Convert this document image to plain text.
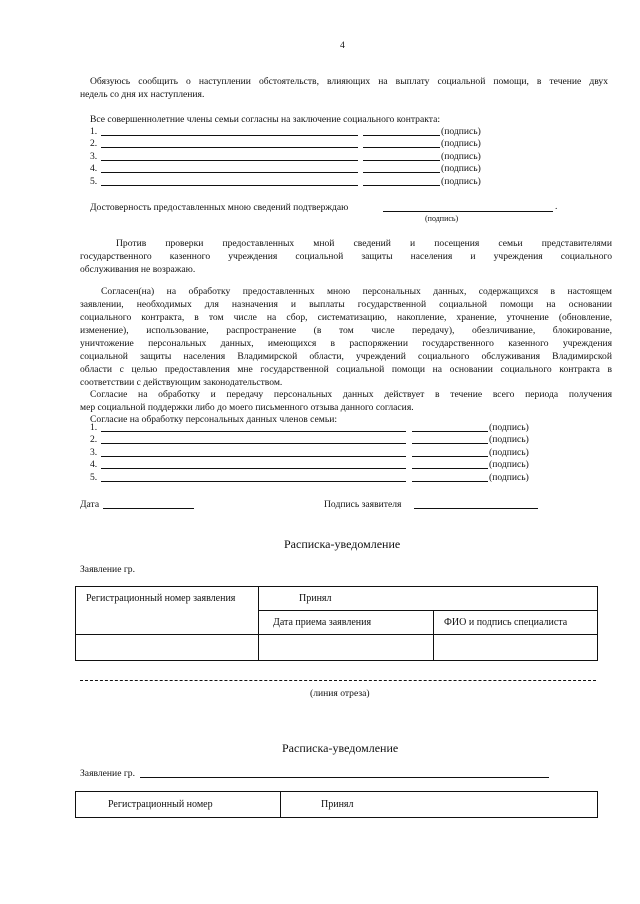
4
Обязуюсь сообщить о наступлении обстоятельств, влияющих на выплату социальной помощи, в течение двух
недель со дня их наступления.
Все совершеннолетние члены семьи согласны на заключение социального контракта:
1.	(подпись)
2.	(подпись)
3.	(подпись)
4.	(подпись)
5.	(подпись)
Достоверность предоставленных мною сведений подтверждаю	.
(подпись)
Против проверки предоставленных мной сведений и посещения семьи представителями
государственного казенного учреждения социальной защиты населения и учреждения социального
обслуживания не возражаю.
Согласен(на) на обработку предоставленных мною персональных данных, содержащихся в настоящем
заявлении, необходимых для назначения и выплаты государственной социальной помощи на основании
социального контракта, в том числе на сбор, систематизацию, накопление, хранение, уточнение (обновление,
изменение), использование, распространение (в том числе передачу), обезличивание, блокирование,
уничтожение персональных данных, имеющихся в распоряжении государственного казенного учреждения
социальной защиты населения Владимирской области, учреждений социального обслуживания Владимирской
области с целью предоставления мне государственной социальной помощи на основании социального контракта в
соответствии с действующим законодательством.
Согласие на обработку и передачу персональных данных действует в течение всего периода получения
мер социальной поддержки либо до моего письменного отзыва данного согласия.
Согласие на обработку персональных данных членов семьи:
1.	(подпись)
2.	(подпись)
3.	(подпись)
4.	(подпись)
5.	(подпись)
Дата	Подпись заявителя
Расписка-уведомление
Заявление гр.
Регистрационный номер заявления	Принял	
	Дата приема заявления	ФИО и подпись специалиста

(линия отреза)
Расписка-уведомление
Заявление гр.
Регистрационный номер	Принял
